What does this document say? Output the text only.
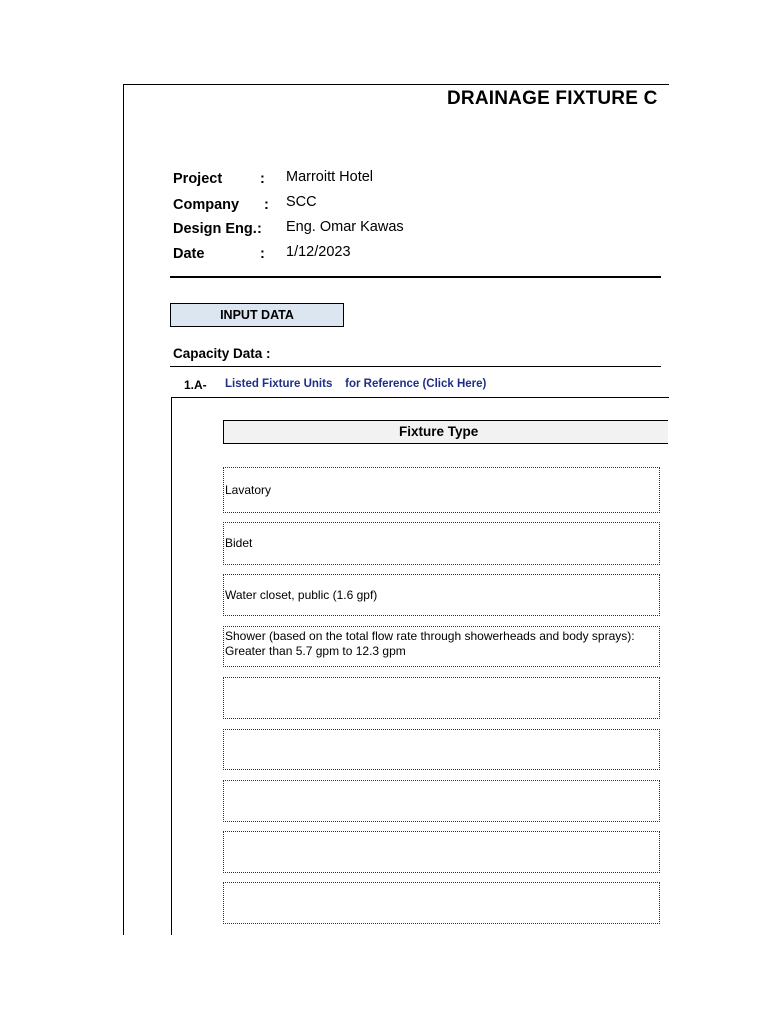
DRAINAGE FIXTURE C
Project	: Marroitt Hotel
Company : SCC
Design Eng. : Eng. Omar Kawas
Date	: 1/12/2023
INPUT DATA
Capacity Data :
1.A- Listed Fixture Units    for Reference (Click Here)
Fixture Type
Lavatory
Bidet
Water closet, public (1.6 gpf)
Shower (based on the total flow rate through showerheads and body sprays): Greater than 5.7 gpm to 12.3 gpm
